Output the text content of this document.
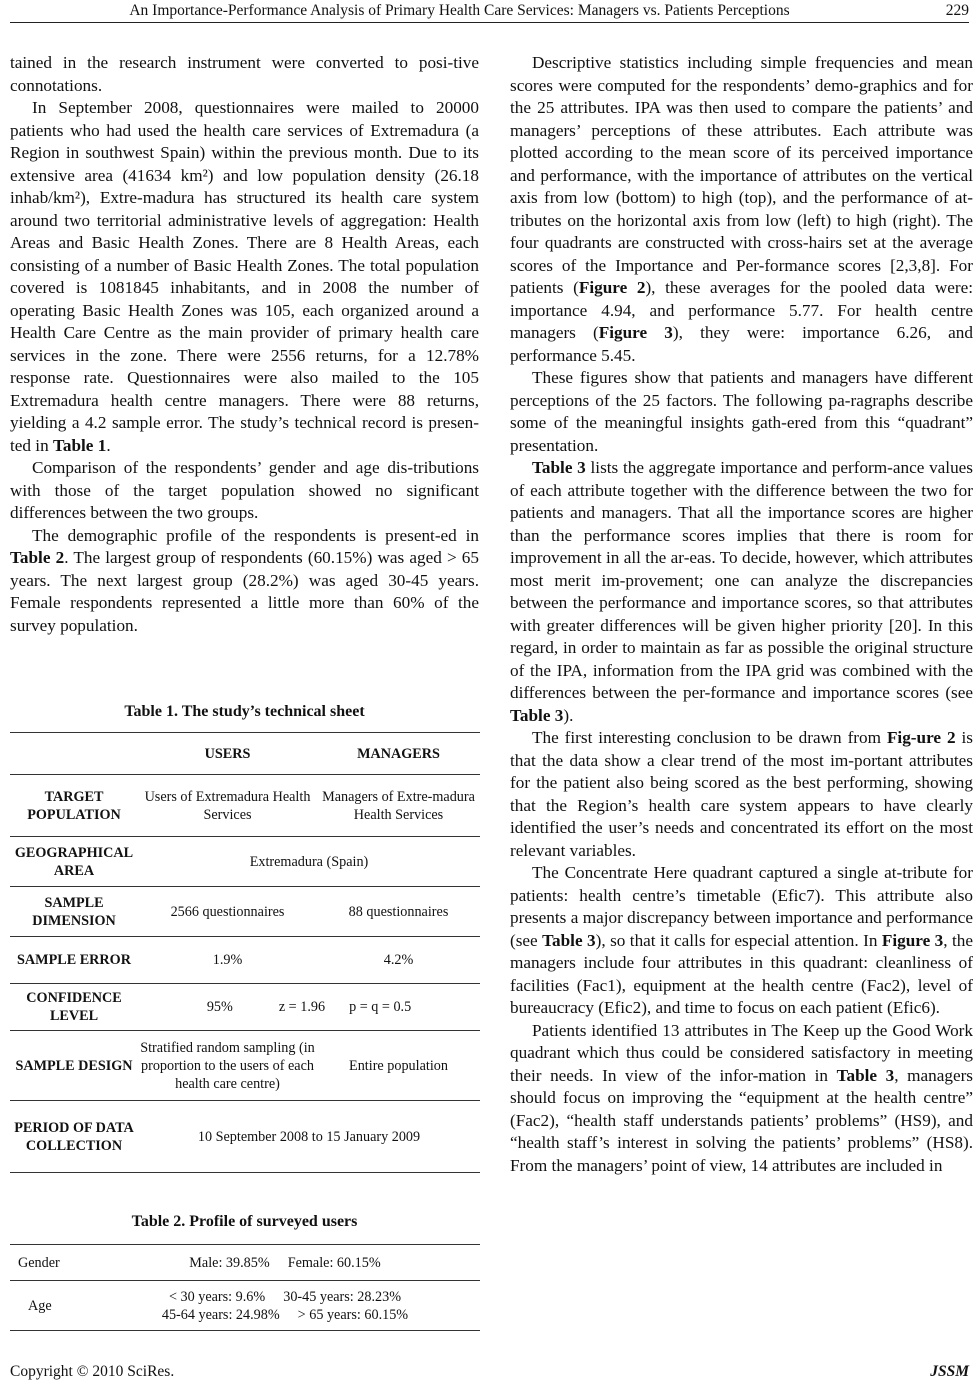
An Importance-Performance Analysis of Primary Health Care Services: Managers vs. Patients Perceptions	229

tained in the research instrument were converted to posi-tive connotations.

In September 2008, questionnaires were mailed to 20000 patients who had used the health care services of Extremadura (a Region in southwest Spain) within the previous month. Due to its extensive area (41634 km²) and low population density (26.18 inhab/km²), Extre-madura has structured its health care system around two territorial administrative levels of aggregation: Health Areas and Basic Health Zones. There are 8 Health Areas, each consisting of a number of Basic Health Zones. The total population covered is 1081845 inhabitants, and in 2008 the number of operating Basic Health Zones was 105, each organized around a Health Care Centre as the main provider of primary health care services in the zone. There were 2556 returns, for a 12.78% response rate. Questionnaires were also mailed to the 105 Extremadura health centre managers. There were 88 returns, yielding a 4.2 sample error. The study’s technical record is presen-ted in Table 1.

Comparison of the respondents’ gender and age dis-tributions with those of the target population showed no significant differences between the two groups.

The demographic profile of the respondents is present-ed in Table 2. The largest group of respondents (60.15%) was aged > 65 years. The next largest group (28.2%) was aged 30-45 years. Female respondents represented a little more than 60% of the survey population.

Table 1. The study’s technical sheet
	USERS	MANAGERS
TARGET POPULATION	Users of Extremadura Health Services	Managers of Extre-madura Health Services
GEOGRAPHICAL AREA	Extremadura (Spain)	
SAMPLE DIMENSION	2566 questionnaires	88 questionnaires
SAMPLE ERROR	1.9%	4.2%
CONFIDENCE LEVEL	95% z = 1.96 p = q = 0.5	
SAMPLE DESIGN	Stratified random sampling (in proportion to the users of each health care centre)	Entire population
PERIOD OF DATA COLLECTION	10 September 2008 to 15 January 2009	
Table 2. Profile of surveyed users
Gender	Male: 39.85% Female: 60.15%
Age	< 30 years: 9.6% 30-45 years: 28.23%
45-64 years: 24.98% > 65 years: 60.15%

Descriptive statistics including simple frequencies and mean scores were computed for the respondents’ demo-graphics and for the 25 attributes. IPA was then used to compare the patients’ and managers’ perceptions of these attributes. Each attribute was plotted according to the mean score of its perceived importance and performance, with the importance of attributes on the vertical axis from low (bottom) to high (top), and the performance of at-tributes on the horizontal axis from low (left) to high (right). The four quadrants are constructed with cross-hairs set at the average scores of the Importance and Per-formance scores [2,3,8]. For patients (Figure 2), these averages for the pooled data were: importance 4.94, and performance 5.77. For health centre managers (Figure 3), they were: importance 6.26, and performance 5.45.

These figures show that patients and managers have different perceptions of the 25 factors. The following pa-ragraphs describe some of the meaningful insights gath-ered from this “quadrant” presentation.

Table 3 lists the aggregate importance and perform-ance values of each attribute together with the difference between the two for patients and managers. That all the importance scores are higher than the performance scores implies that there is room for improvement in all the ar-eas. To decide, however, which attributes most merit im-provement; one can analyze the discrepancies between the performance and importance scores, so that attributes with greater differences will be given higher priority [20]. In this regard, in order to maintain as far as possible the original structure of the IPA, information from the IPA grid was combined with the differences between the per-formance and importance scores (see Table 3).

The first interesting conclusion to be drawn from Fig-ure 2 is that the data show a clear trend of the most im-portant attributes for the patient also being scored as the best performing, showing that the Region’s health care system appears to have clearly identified the user’s needs and concentrated its effort on the most relevant variables.

The Concentrate Here quadrant captured a single at-tribute for patients: health centre’s timetable (Efic7). This attribute also presents a major discrepancy between importance and performance (see Table 3), so that it calls for especial attention. In Figure 3, the managers include four attributes in this quadrant: cleanliness of facilities (Fac1), equipment at the health centre (Fac2), level of bureaucracy (Efic2), and time to focus on each patient (Efic6).

Patients identified 13 attributes in The Keep up the Good Work quadrant which thus could be considered satisfactory in meeting their needs. In view of the infor-mation in Table 3, managers should focus on improving the “equipment at the health centre” (Fac2), “health staff understands patients’ problems” (HS9), and “health staff’s interest in solving the patients’ problems” (HS8). From the managers’ point of view, 14 attributes are included in

Copyright © 2010 SciRes.	JSSM
